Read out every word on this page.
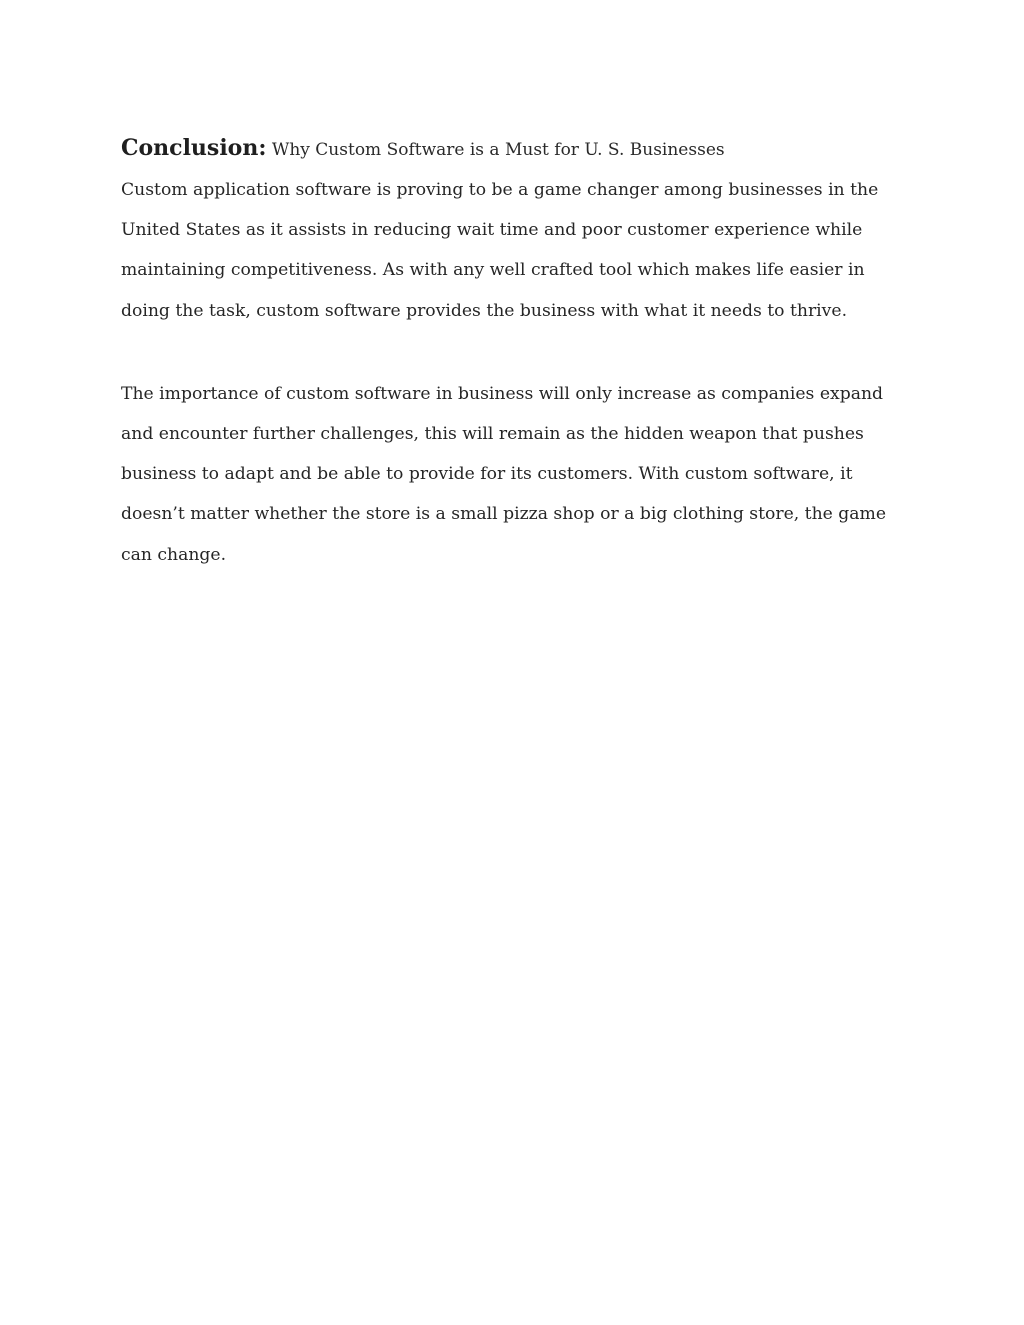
Conclusion: Why Custom Software is a Must for U. S. Businesses

Custom application software is proving to be a game changer among businesses in the
United States as it assists in reducing wait time and poor customer experience while
maintaining competitiveness. As with any well crafted tool which makes life easier in
doing the task, custom software provides the business with what it needs to thrive.

The importance of custom software in business will only increase as companies expand
and encounter further challenges, this will remain as the hidden weapon that pushes
business to adapt and be able to provide for its customers. With custom software, it
doesn’t matter whether the store is a small pizza shop or a big clothing store, the game
can change.
